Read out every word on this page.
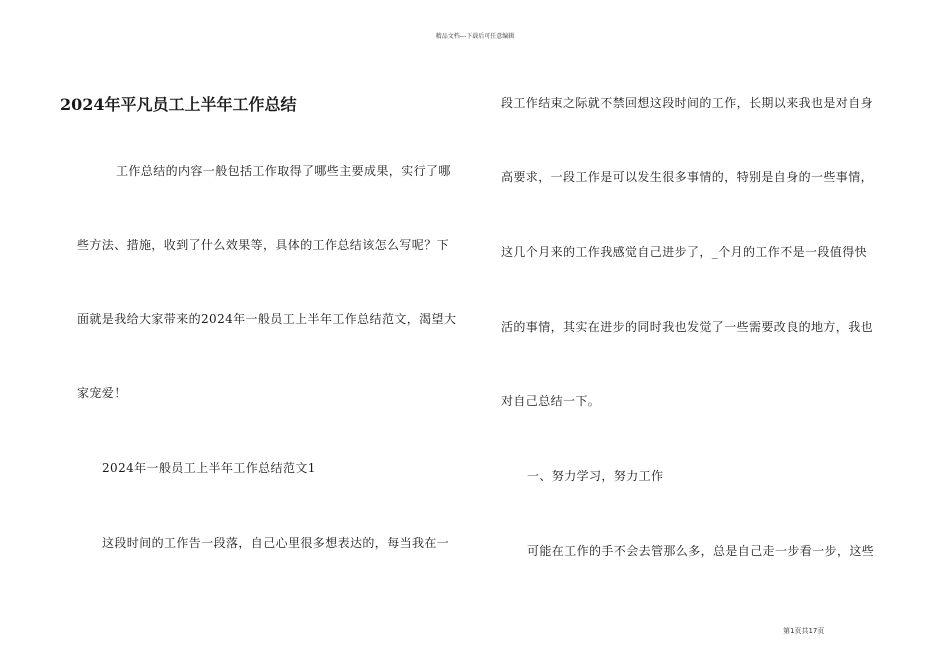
精品文档---下载后可任意编辑
2024年平凡员工上半年工作总结
工作总结的内容一般包括工作取得了哪些主要成果，实行了哪
些方法、措施，收到了什么效果等，具体的工作总结该怎么写呢？下
面就是我给大家带来的2024年一般员工上半年工作总结范文，渴望大
家宠爱！
2024年一般员工上半年工作总结范文1
这段时间的工作告一段落，自己心里很多想表达的，每当我在一
段工作结束之际就不禁回想这段时间的工作，长期以来我也是对自身
高要求，一段工作是可以发生很多事情的，特别是自身的一些事情，
这几个月来的工作我感觉自己进步了，_个月的工作不是一段值得快
活的事情，其实在进步的同时我也发觉了一些需要改良的地方，我也
对自己总结一下。
一、努力学习，努力工作
可能在工作的手不会去管那么多，总是自己走一步看一步，这些
第1页共17页
